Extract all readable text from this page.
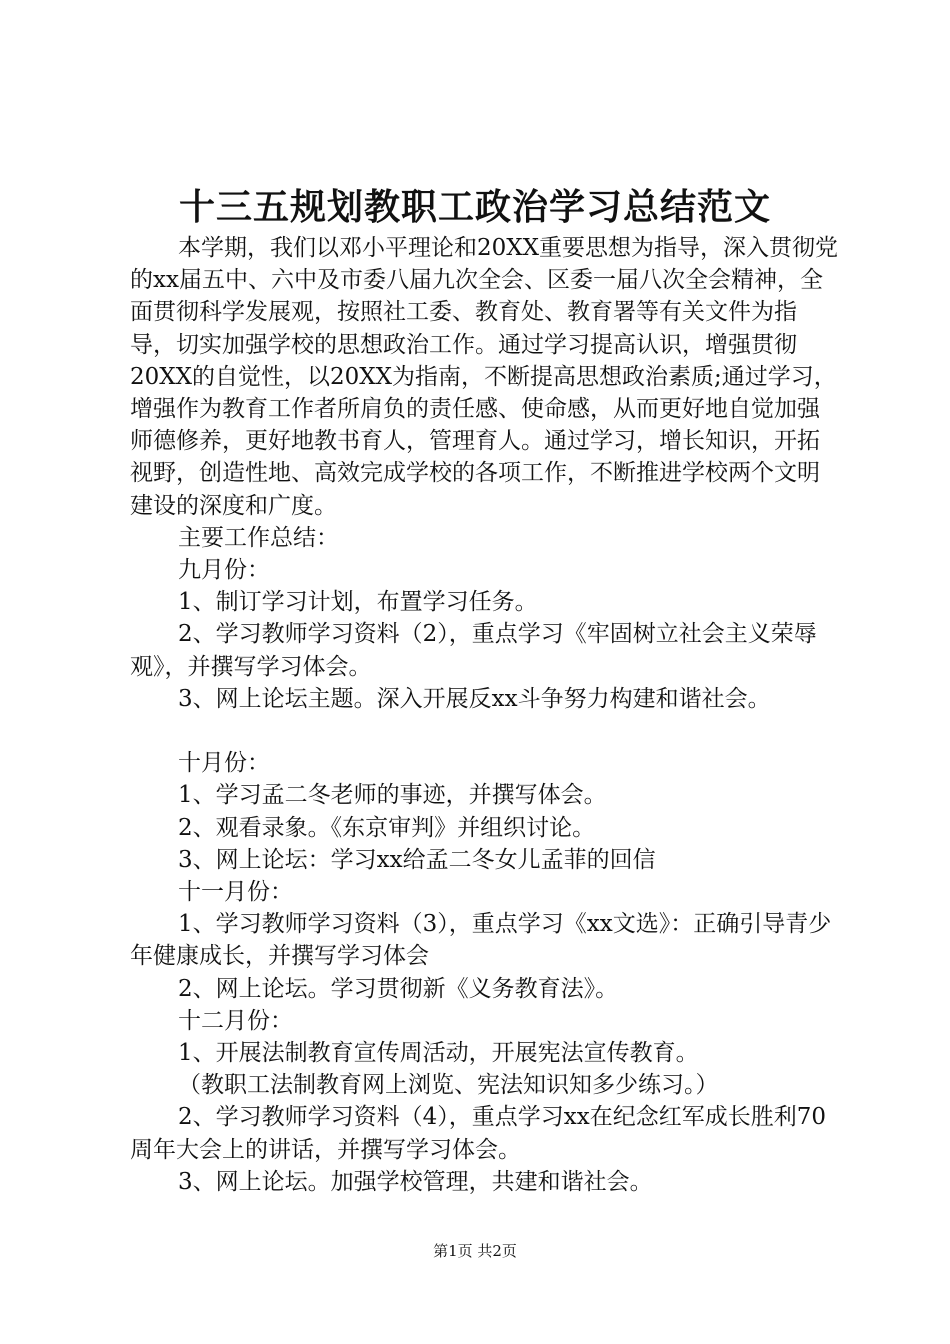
十三五规划教职工政治学习总结范文

本学期，我们以邓小平理论和20XX重要思想为指导，深入贯彻党的xx届五中、六中及市委八届九次全会、区委一届八次全会精神，全面贯彻科学发展观，按照社工委、教育处、教育署等有关文件为指导，切实加强学校的思想政治工作。通过学习提高认识，增强贯彻20XX的自觉性，以20XX为指南，不断提高思想政治素质;通过学习，增强作为教育工作者所肩负的责任感、使命感，从而更好地自觉加强师德修养，更好地教书育人，管理育人。通过学习，增长知识，开拓视野，创造性地、高效完成学校的各项工作，不断推进学校两个文明建设的深度和广度。

主要工作总结：

九月份：

1、制订学习计划，布置学习任务。

2、学习教师学习资料（2），重点学习《牢固树立社会主义荣辱观》，并撰写学习体会。

3、网上论坛主题。深入开展反xx斗争努力构建和谐社会。

十月份：

1、学习孟二冬老师的事迹，并撰写体会。

2、观看录象。《东京审判》并组织讨论。

3、网上论坛：学习xx给孟二冬女儿孟菲的回信

十一月份：

1、学习教师学习资料（3），重点学习《xx文选》：正确引导青少年健康成长，并撰写学习体会

2、网上论坛。学习贯彻新《义务教育法》。

十二月份：

1、开展法制教育宣传周活动，开展宪法宣传教育。

（教职工法制教育网上浏览、宪法知识知多少练习。）

2、学习教师学习资料（4），重点学习xx在纪念红军成长胜利70周年大会上的讲话，并撰写学习体会。

3、网上论坛。加强学校管理，共建和谐社会。

第1页 共2页
